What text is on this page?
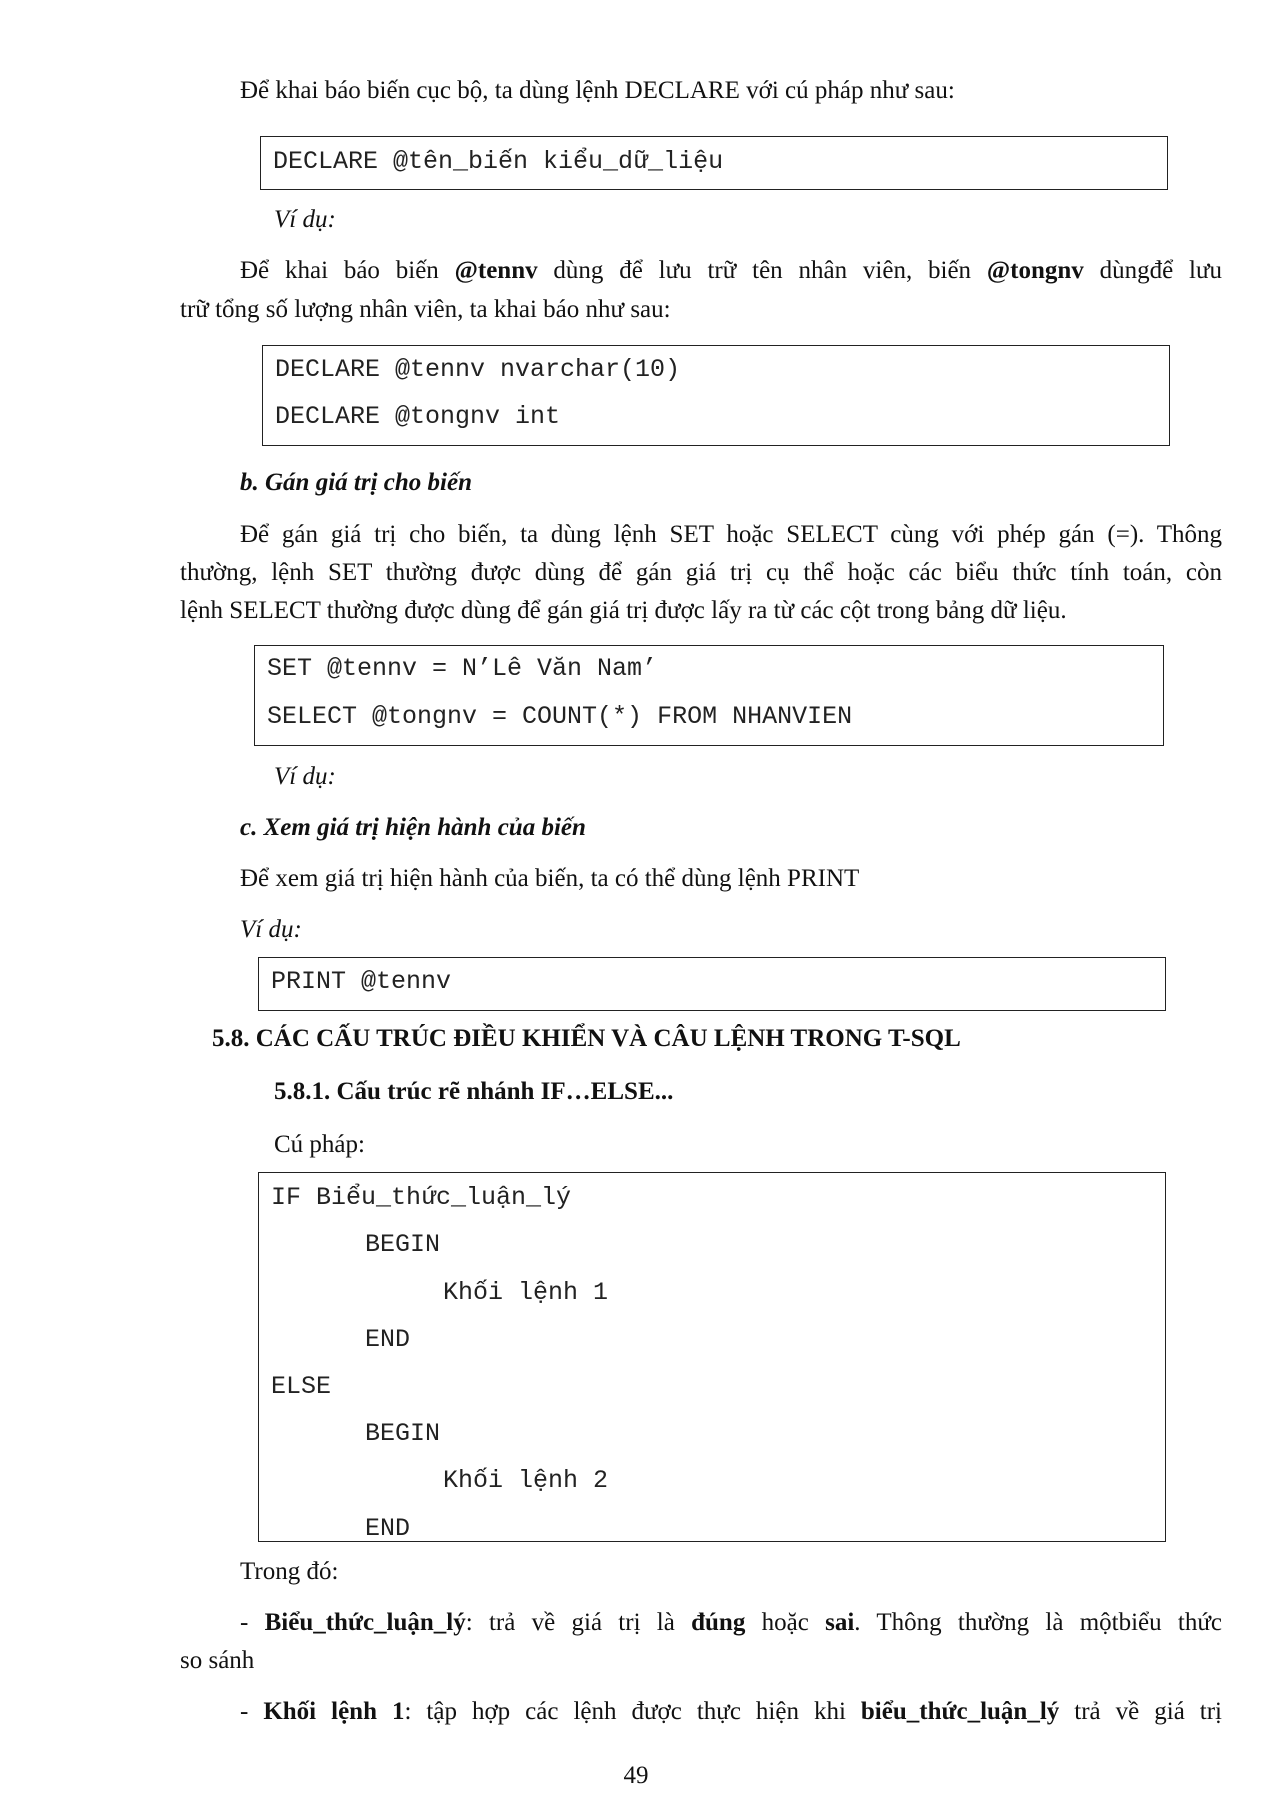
Để khai báo biến cục bộ, ta dùng lệnh DECLARE với cú pháp như sau:
DECLARE @tên_biến kiểu_dữ_liệu
Ví dụ:
Để khai báo biến @tennv dùng để lưu trữ tên nhân viên, biến @tongnv dùngđể lưu
trữ tổng số lượng nhân viên, ta khai báo như sau:
DECLARE @tennv nvarchar(10)
DECLARE @tongnv int
b. Gán giá trị cho biến
Để gán giá trị cho biến, ta dùng lệnh SET hoặc SELECT cùng với phép gán (=). Thông
thường, lệnh SET thường được dùng để gán giá trị cụ thể hoặc các biểu thức tính toán, còn
lệnh SELECT thường được dùng để gán giá trị được lấy ra từ các cột trong bảng dữ liệu.
SET @tennv = N’Lê Văn Nam’
SELECT @tongnv = COUNT(*) FROM NHANVIEN
Ví dụ:
c. Xem giá trị hiện hành của biến
Để xem giá trị hiện hành của biến, ta có thể dùng lệnh PRINT
Ví dụ:
PRINT @tennv
5.8. CÁC CẤU TRÚC ĐIỀU KHIỂN VÀ CÂU LỆNH TRONG T-SQL
5.8.1. Cấu trúc rẽ nhánh IF…ELSE...
Cú pháp:
IF Biểu_thức_luận_lý
BEGIN
Khối lệnh 1
END
ELSE
BEGIN
Khối lệnh 2
END
Trong đó:
- Biểu_thức_luận_lý: trả về giá trị là đúng hoặc sai. Thông thường là mộtbiểu thức
so sánh
- Khối lệnh 1: tập hợp các lệnh được thực hiện khi biểu_thức_luận_lý trả về giá trị
49
